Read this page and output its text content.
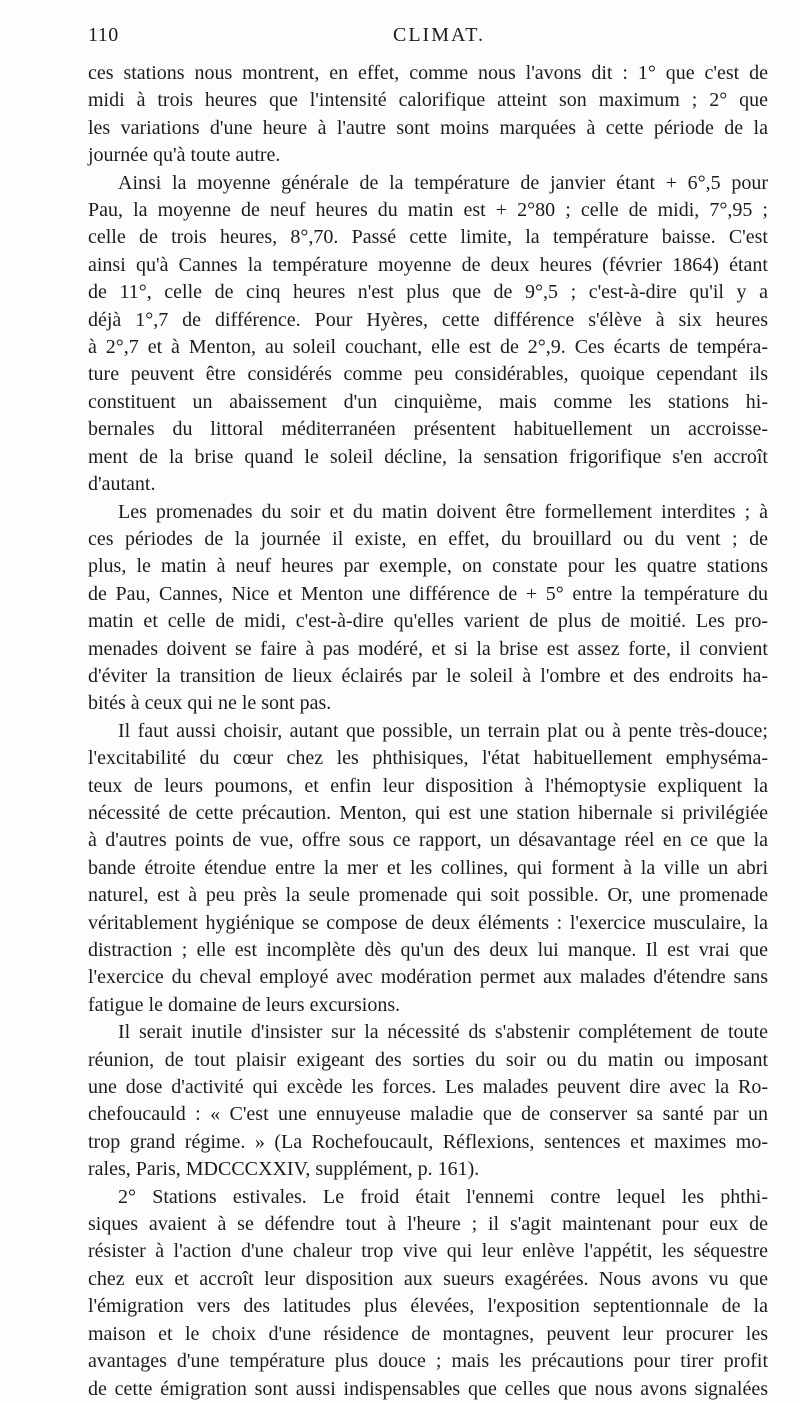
110	CLIMAT.

ces stations nous montrent, en effet, comme nous l'avons dit : 1° que c'est de
midi à trois heures que l'intensité calorifique atteint son maximum ; 2° que
les variations d'une heure à l'autre sont moins marquées à cette période de la
journée qu'à toute autre.

Ainsi la moyenne générale de la température de janvier étant + 6°,5 pour
Pau, la moyenne de neuf heures du matin est + 2°80 ; celle de midi, 7°,95 ;
celle de trois heures, 8°,70. Passé cette limite, la température baisse. C'est
ainsi qu'à Cannes la température moyenne de deux heures (février 1864) étant
de 11°, celle de cinq heures n'est plus que de 9°,5 ; c'est-à-dire qu'il y a
déjà 1°,7 de différence. Pour Hyères, cette différence s'élève à six heures
à 2°,7 et à Menton, au soleil couchant, elle est de 2°,9. Ces écarts de tempéra-
ture peuvent être considérés comme peu considérables, quoique cependant ils
constituent un abaissement d'un cinquième, mais comme les stations hi-
bernales du littoral méditerranéen présentent habituellement un accroisse-
ment de la brise quand le soleil décline, la sensation frigorifique s'en accroît
d'autant.

Les promenades du soir et du matin doivent être formellement interdites ; à
ces périodes de la journée il existe, en effet, du brouillard ou du vent ; de
plus, le matin à neuf heures par exemple, on constate pour les quatre stations
de Pau, Cannes, Nice et Menton une différence de + 5° entre la température du
matin et celle de midi, c'est-à-dire qu'elles varient de plus de moitié. Les pro-
menades doivent se faire à pas modéré, et si la brise est assez forte, il convient
d'éviter la transition de lieux éclairés par le soleil à l'ombre et des endroits ha-
bités à ceux qui ne le sont pas.

Il faut aussi choisir, autant que possible, un terrain plat ou à pente très-douce;
l'excitabilité du cœur chez les phthisiques, l'état habituellement emphyséma-
teux de leurs poumons, et enfin leur disposition à l'hémoptysie expliquent la
nécessité de cette précaution. Menton, qui est une station hibernale si privilégiée
à d'autres points de vue, offre sous ce rapport, un désavantage réel en ce que la
bande étroite étendue entre la mer et les collines, qui forment à la ville un abri
naturel, est à peu près la seule promenade qui soit possible. Or, une promenade
véritablement hygiénique se compose de deux éléments : l'exercice musculaire, la
distraction ; elle est incomplète dès qu'un des deux lui manque. Il est vrai que
l'exercice du cheval employé avec modération permet aux malades d'étendre sans
fatigue le domaine de leurs excursions.

Il serait inutile d'insister sur la nécessité ds s'abstenir complétement de toute
réunion, de tout plaisir exigeant des sorties du soir ou du matin ou imposant
une dose d'activité qui excède les forces. Les malades peuvent dire avec la Ro-
chefoucauld : « C'est une ennuyeuse maladie que de conserver sa santé par un
trop grand régime. » (La Rochefoucault, Réflexions, sentences et maximes mo-
rales, Paris, MDCCCXXIV, supplément, p. 161).

2° Stations estivales. Le froid était l'ennemi contre lequel les phthi-
siques avaient à se défendre tout à l'heure ; il s'agit maintenant pour eux de
résister à l'action d'une chaleur trop vive qui leur enlève l'appétit, les séquestre
chez eux et accroît leur disposition aux sueurs exagérées. Nous avons vu que
l'émigration vers des latitudes plus élevées, l'exposition septentionnale de la
maison et le choix d'une résidence de montagnes, peuvent leur procurer les
avantages d'une température plus douce ; mais les précautions pour tirer profit
de cette émigration sont aussi indispensables que celles que nous avons signalées
